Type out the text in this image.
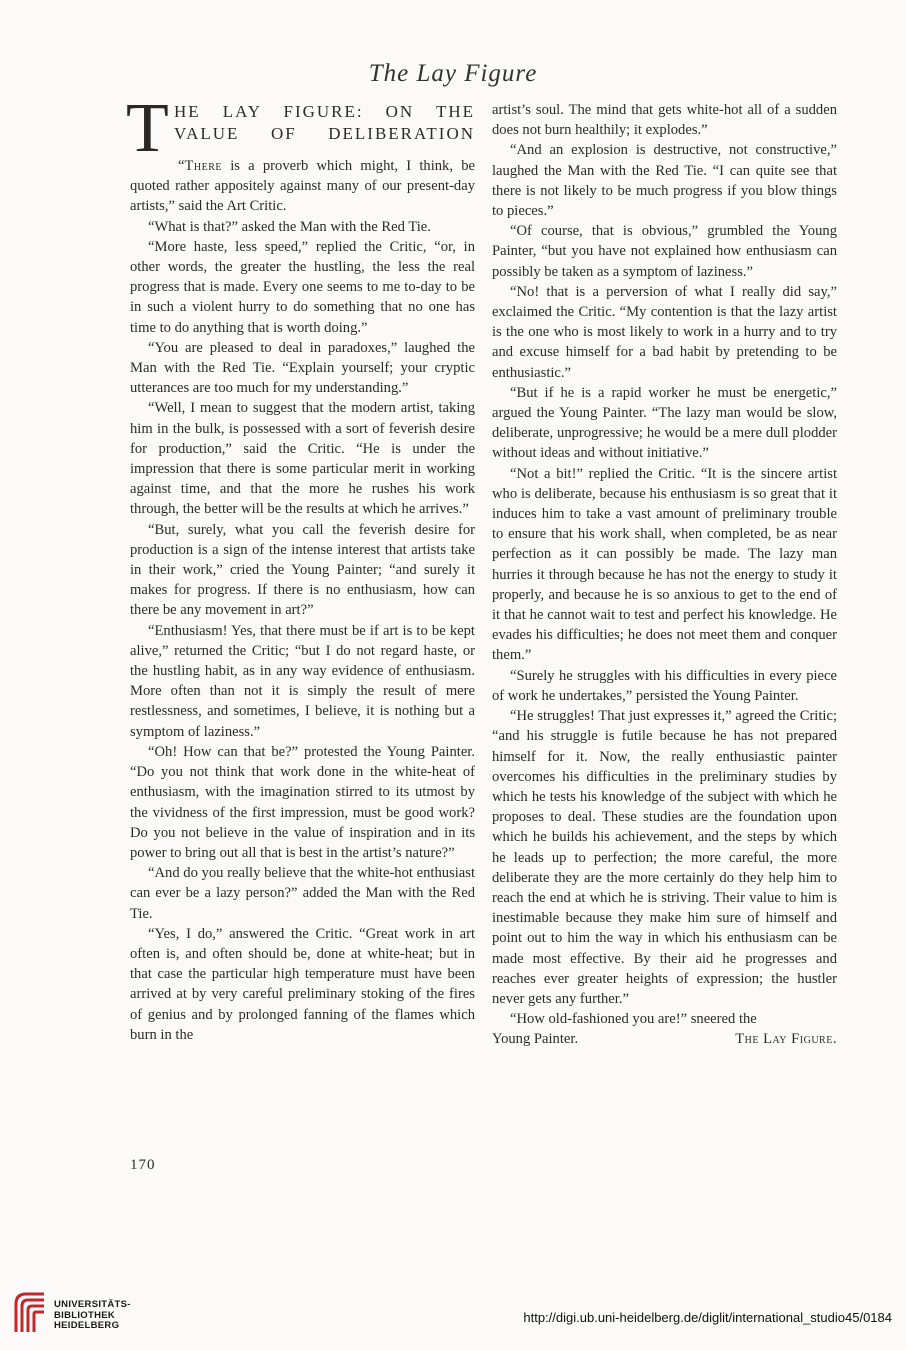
The Lay Figure
T HE LAY FIGURE: ON THE
VALUE OF DELIBERATION

“There is a proverb which might, I think, be quoted rather appositely against many of our present-day artists,” said the Art Critic.

“What is that?” asked the Man with the Red Tie.

“More haste, less speed,” replied the Critic, “or, in other words, the greater the hustling, the less the real progress that is made. Every one seems to me to-day to be in such a violent hurry to do something that no one has time to do anything that is worth doing.”

“You are pleased to deal in paradoxes,” laughed the Man with the Red Tie. “Explain yourself; your cryptic utterances are too much for my understanding.”

“Well, I mean to suggest that the modern artist, taking him in the bulk, is possessed with a sort of feverish desire for production,” said the Critic. “He is under the impression that there is some particular merit in working against time, and that the more he rushes his work through, the better will be the results at which he arrives.”

“But, surely, what you call the feverish desire for production is a sign of the intense interest that artists take in their work,” cried the Young Painter; “and surely it makes for progress. If there is no enthusiasm, how can there be any movement in art?”

“Enthusiasm! Yes, that there must be if art is to be kept alive,” returned the Critic; “but I do not regard haste, or the hustling habit, as in any way evidence of enthusiasm. More often than not it is simply the result of mere restlessness, and sometimes, I believe, it is nothing but a symptom of laziness.”

“Oh! How can that be?” protested the Young Painter. “Do you not think that work done in the white-heat of enthusiasm, with the imagination stirred to its utmost by the vividness of the first impression, must be good work? Do you not believe in the value of inspiration and in its power to bring out all that is best in the artist’s nature?”

“And do you really believe that the white-hot enthusiast can ever be a lazy person?” added the Man with the Red Tie.

“Yes, I do,” answered the Critic. “Great work in art often is, and often should be, done at white-heat; but in that case the particular high temperature must have been arrived at by very careful preliminary stoking of the fires of genius and by prolonged fanning of the flames which burn in the

artist’s soul. The mind that gets white-hot all of a sudden does not burn healthily; it explodes.”

“And an explosion is destructive, not constructive,” laughed the Man with the Red Tie. “I can quite see that there is not likely to be much progress if you blow things to pieces.”

“Of course, that is obvious,” grumbled the Young Painter, “but you have not explained how enthusiasm can possibly be taken as a symptom of laziness.”

“No! that is a perversion of what I really did say,” exclaimed the Critic. “My contention is that the lazy artist is the one who is most likely to work in a hurry and to try and excuse himself for a bad habit by pretending to be enthusiastic.”

“But if he is a rapid worker he must be energetic,” argued the Young Painter. “The lazy man would be slow, deliberate, unprogressive; he would be a mere dull plodder without ideas and without initiative.”

“Not a bit!” replied the Critic. “It is the sincere artist who is deliberate, because his enthusiasm is so great that it induces him to take a vast amount of preliminary trouble to ensure that his work shall, when completed, be as near perfection as it can possibly be made. The lazy man hurries it through because he has not the energy to study it properly, and because he is so anxious to get to the end of it that he cannot wait to test and perfect his knowledge. He evades his difficulties; he does not meet them and conquer them.”

“Surely he struggles with his difficulties in every piece of work he undertakes,” persisted the Young Painter.

“He struggles! That just expresses it,” agreed the Critic; “and his struggle is futile because he has not prepared himself for it. Now, the really enthusiastic painter overcomes his difficulties in the preliminary studies by which he tests his knowledge of the subject with which he proposes to deal. These studies are the foundation upon which he builds his achievement, and the steps by which he leads up to perfection; the more careful, the more deliberate they are the more certainly do they help him to reach the end at which he is striving. Their value to him is inestimable because they make him sure of himself and point out to him the way in which his enthusiasm can be made most effective. By their aid he progresses and reaches ever greater heights of expression; the hustler never gets any further.”

“How old-fashioned you are!” sneered the

Young Painter.	The Lay Figure.

170
UNIVERSITÄTS-
BIBLIOTHEK
HEIDELBERG
http://digi.ub.uni-heidelberg.de/diglit/international_studio45/0184
